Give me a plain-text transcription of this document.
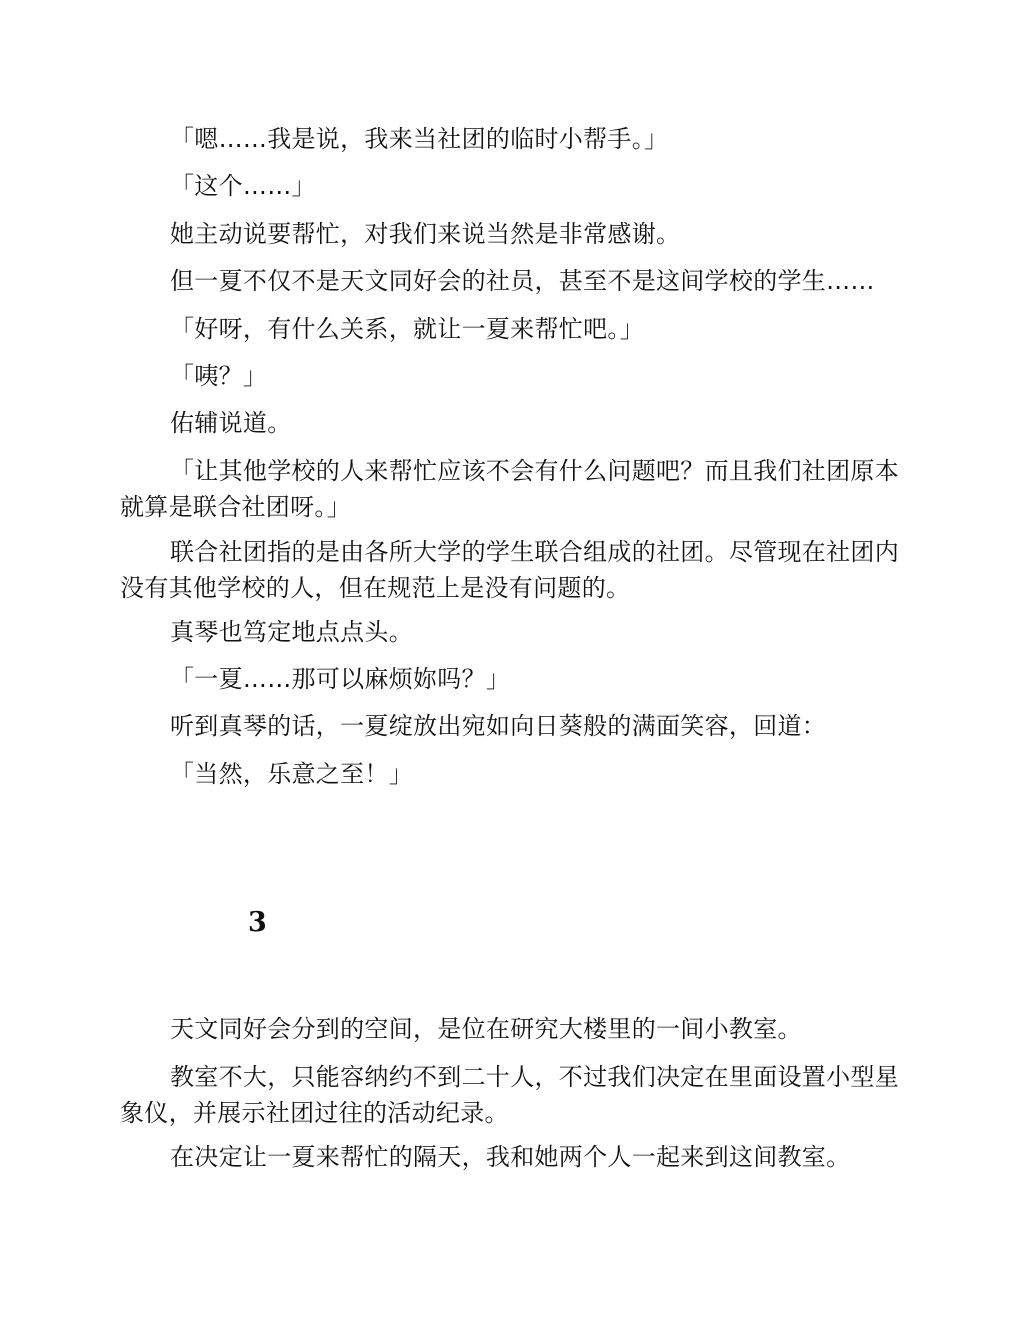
「嗯……我是说，我来当社团的临时小帮手。」

「这个……」

她主动说要帮忙，对我们来说当然是非常感谢。

但一夏不仅不是天文同好会的社员，甚至不是这间学校的学生……

「好呀，有什么关系，就让一夏来帮忙吧。」

「咦？」

佑辅说道。

「让其他学校的人来帮忙应该不会有什么问题吧？而且我们社团原本就算是联合社团呀。」

联合社团指的是由各所大学的学生联合组成的社团。尽管现在社团内没有其他学校的人，但在规范上是没有问题的。

真琴也笃定地点点头。

「一夏……那可以麻烦妳吗？」

听到真琴的话，一夏绽放出宛如向日葵般的满面笑容，回道：

「当然，乐意之至！」

3

天文同好会分到的空间，是位在研究大楼里的一间小教室。

教室不大，只能容纳约不到二十人，不过我们决定在里面设置小型星象仪，并展示社团过往的活动纪录。

在决定让一夏来帮忙的隔天，我和她两个人一起来到这间教室。
